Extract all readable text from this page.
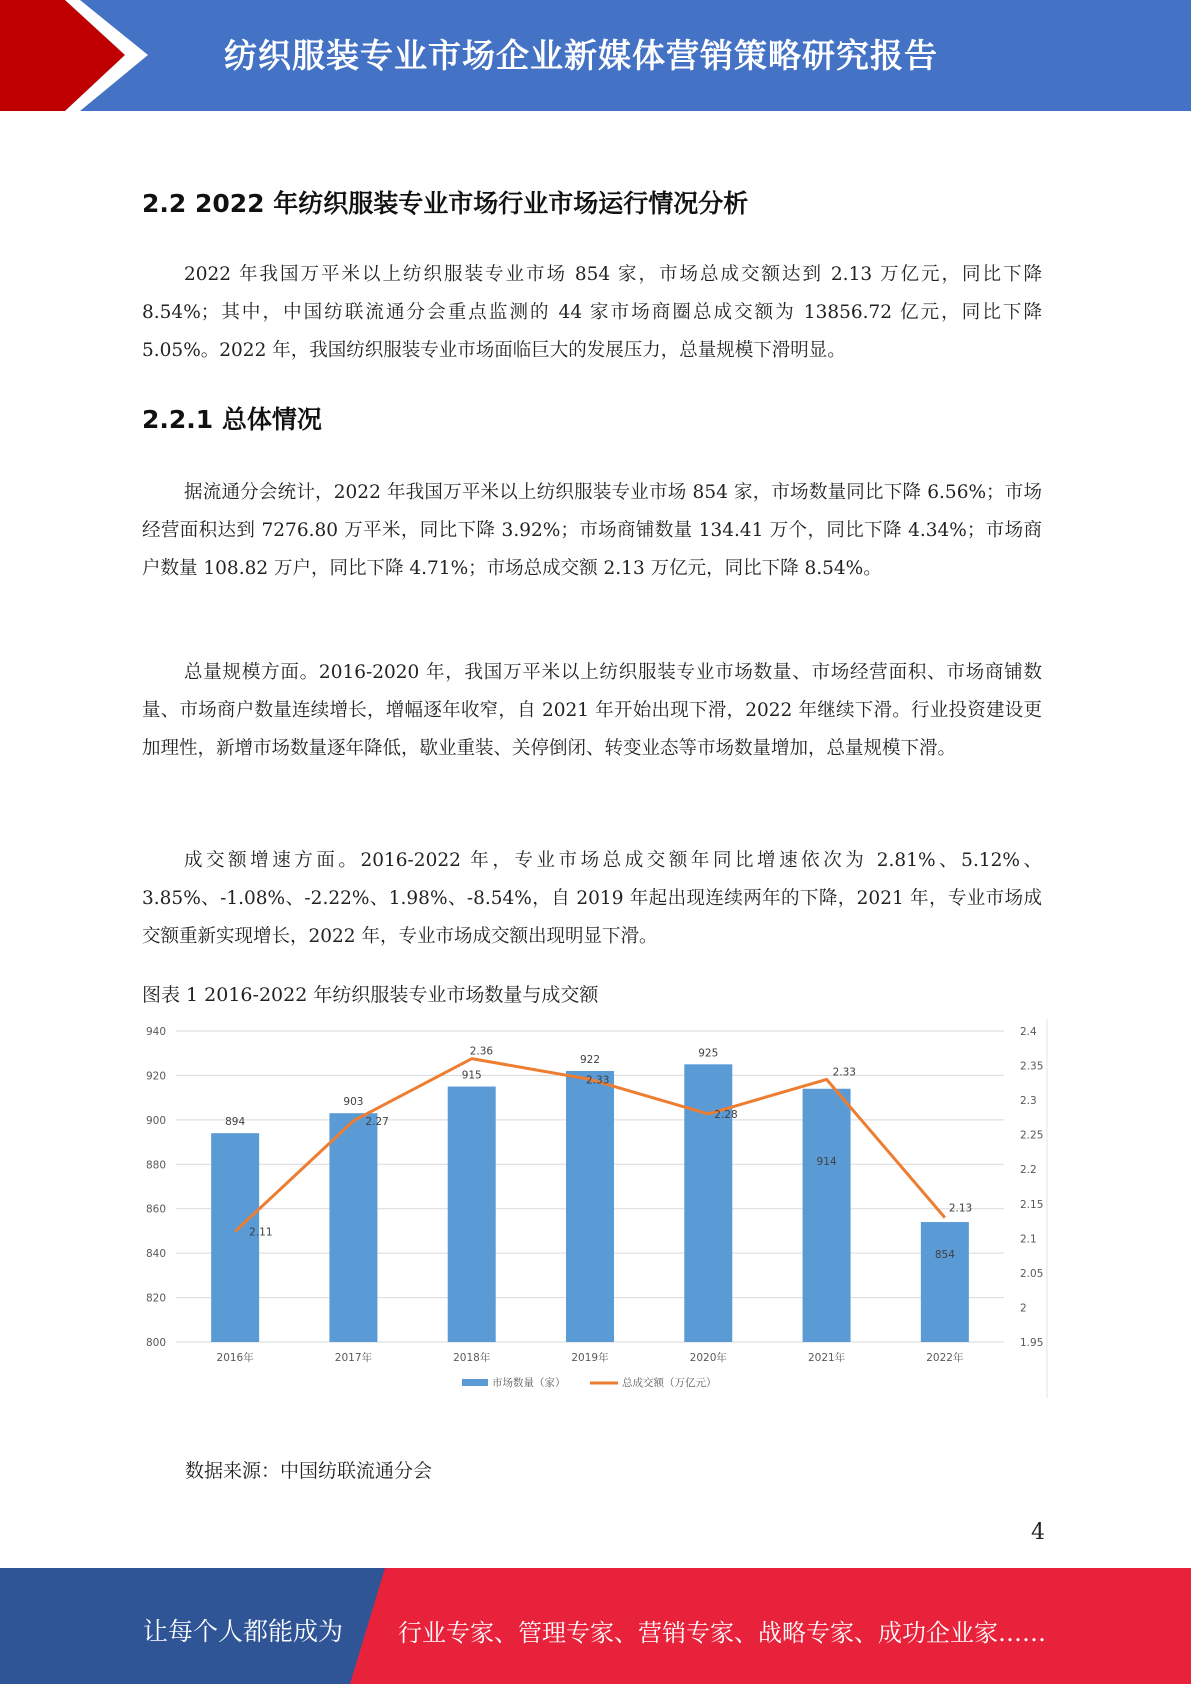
纺织服装专业市场企业新媒体营销策略研究报告
2.2 2022 年纺织服装专业市场行业市场运行情况分析

2022 年我国万平米以上纺织服装专业市场 854 家，市场总成交额达到 2.13 万亿元，同比下降 8.54%；其中，中国纺联流通分会重点监测的 44 家市场商圈总成交额为 13856.72 亿元，同比下降 5.05%。2022 年，我国纺织服装专业市场面临巨大的发展压力，总量规模下滑明显。

2.2.1 总体情况

据流通分会统计，2022 年我国万平米以上纺织服装专业市场 854 家，市场数量同比下降 6.56%；市场经营面积达到 7276.80 万平米，同比下降 3.92%；市场商铺数量 134.41 万个，同比下降 4.34%；市场商户数量 108.82 万户，同比下降 4.71%；市场总成交额 2.13 万亿元，同比下降 8.54%。

总量规模方面。2016-2020 年，我国万平米以上纺织服装专业市场数量、市场经营面积、市场商铺数量、市场商户数量连续增长，增幅逐年收窄，自 2021 年开始出现下滑，2022 年继续下滑。行业投资建设更加理性，新增市场数量逐年降低，歇业重装、关停倒闭、转变业态等市场数量增加，总量规模下滑。

成交额增速方面。2016-2022 年，专业市场总成交额年同比增速依次为 2.81%、5.12%、3.85%、-1.08%、-2.22%、1.98%、-8.54%，自 2019 年起出现连续两年的下降，2021 年，专业市场成交额重新实现增长，2022 年，专业市场成交额出现明显下滑。

图表 1 2016-2022 年纺织服装专业市场数量与成交额
800
820
840
860
880
900
920
940
1.95
2
2.05
2.1
2.15
2.2
2.25
2.3
2.35
2.4
894
903
915
922
925
914
854
2016年	2017年	2018年	2019年	2020年	2021年	2022年
2.11
2.27
2.36
2.33
2.28
2.33
2.13
市场数量（家）	总成交额（万亿元）
数据来源：中国纺联流通分会
4
让每个人都能成为 行业专家、管理专家、营销专家、战略专家、成功企业家……
